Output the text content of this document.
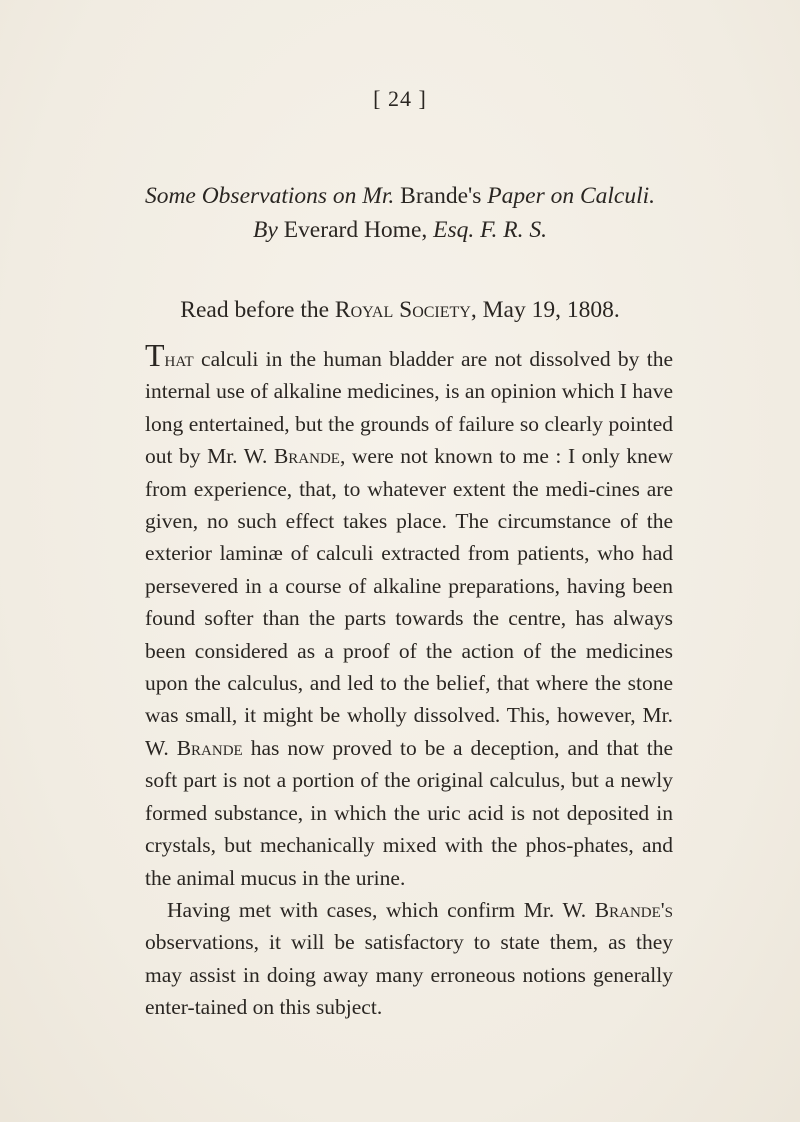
[ 24 ]
Some Observations on Mr. Brande's Paper on Calculi.
By Everard Home, Esq. F. R. S.
Read before the Royal Society, May 19, 1808.

That calculi in the human bladder are not dissolved by the internal use of alkaline medicines, is an opinion which I have long entertained, but the grounds of failure so clearly pointed out by Mr. W. Brande, were not known to me : I only knew from experience, that, to whatever extent the medi-cines are given, no such effect takes place. The circumstance of the exterior laminæ of calculi extracted from patients, who had persevered in a course of alkaline preparations, having been found softer than the parts towards the centre, has always been considered as a proof of the action of the medicines upon the calculus, and led to the belief, that where the stone was small, it might be wholly dissolved. This, however, Mr. W. Brande has now proved to be a deception, and that the soft part is not a portion of the original calculus, but a newly formed substance, in which the uric acid is not deposited in crystals, but mechanically mixed with the phos-phates, and the animal mucus in the urine.

Having met with cases, which confirm Mr. W. Brande's observations, it will be satisfactory to state them, as they may assist in doing away many erroneous notions generally enter-tained on this subject.
